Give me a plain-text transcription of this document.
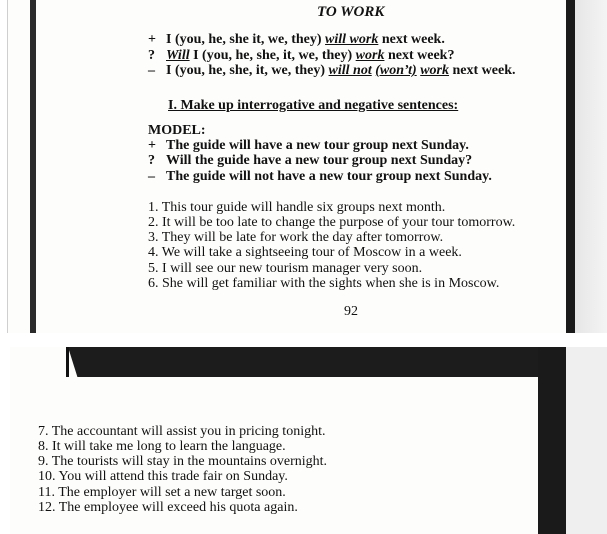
TO WORK
+ I (you, he, she it, we, they) will work next week.
? Will I (you, he, she, it, we, they) work next week?
– I (you, he, she, it, we, they) will not (won’t) work next week.
I. Make up interrogative and negative sentences:
MODEL:
+ The guide will have a new tour group next Sunday.
? Will the guide have a new tour group next Sunday?
– The guide will not have a new tour group next Sunday.
1. This tour guide will handle six groups next month.
2. It will be too late to change the purpose of your tour tomorrow.
3. They will be late for work the day after tomorrow.
4. We will take a sightseeing tour of Moscow in a week.
5. I will see our new tourism manager very soon.
6. She will get familiar with the sights when she is in Moscow.
92
7. The accountant will assist you in pricing tonight.
8. It will take me long to learn the language.
9. The tourists will stay in the mountains overnight.
10. You will attend this trade fair on Sunday.
11. The employer will set a new target soon.
12. The employee will exceed his quota again.
